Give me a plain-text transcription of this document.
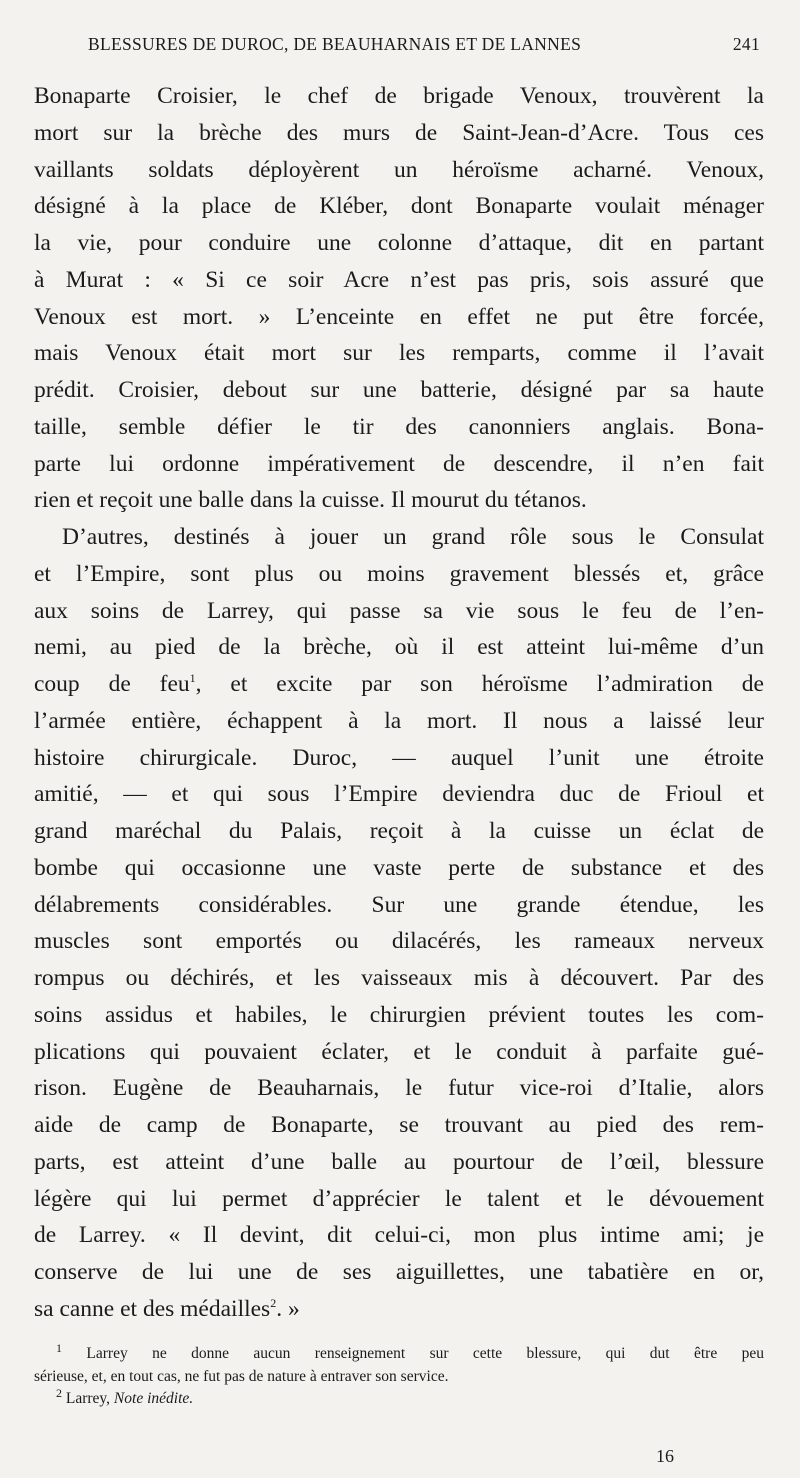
BLESSURES DE DUROC, DE BEAUHARNAIS ET DE LANNES	241
Bonaparte Croisier, le chef de brigade Venoux, trouvèrent la
mort sur la brèche des murs de Saint-Jean-d’Acre. Tous ces
vaillants soldats déployèrent un héroïsme acharné. Venoux,
désigné à la place de Kléber, dont Bonaparte voulait ménager
la vie, pour conduire une colonne d’attaque, dit en partant
à Murat : « Si ce soir Acre n’est pas pris, sois assuré que
Venoux est mort. » L’enceinte en effet ne put être forcée,
mais Venoux était mort sur les remparts, comme il l’avait
prédit. Croisier, debout sur une batterie, désigné par sa haute
taille, semble défier le tir des canonniers anglais. Bona-
parte lui ordonne impérativement de descendre, il n’en fait
rien et reçoit une balle dans la cuisse. Il mourut du tétanos.
D’autres, destinés à jouer un grand rôle sous le Consulat
et l’Empire, sont plus ou moins gravement blessés et, grâce
aux soins de Larrey, qui passe sa vie sous le feu de l’en-
nemi, au pied de la brèche, où il est atteint lui-même d’un
coup de feu$^1$, et excite par son héroïsme l’admiration de
l’armée entière, échappent à la mort. Il nous a laissé leur
histoire chirurgicale. Duroc, — auquel l’unit une étroite
amitié, — et qui sous l’Empire deviendra duc de Frioul et
grand maréchal du Palais, reçoit à la cuisse un éclat de
bombe qui occasionne une vaste perte de substance et des
délabrements considérables. Sur une grande étendue, les
muscles sont emportés ou dilacérés, les rameaux nerveux
rompus ou déchirés, et les vaisseaux mis à découvert. Par des
soins assidus et habiles, le chirurgien prévient toutes les com-
plications qui pouvaient éclater, et le conduit à parfaite gué-
rison. Eugène de Beauharnais, le futur vice-roi d’Italie, alors
aide de camp de Bonaparte, se trouvant au pied des rem-
parts, est atteint d’une balle au pourtour de l’œil, blessure
légère qui lui permet d’apprécier le talent et le dévouement
de Larrey. « Il devint, dit celui-ci, mon plus intime ami; je
conserve de lui une de ses aiguillettes, une tabatière en or,
sa canne et des médailles$^2$. »
$^1$ Larrey ne donne aucun renseignement sur cette blessure, qui dut être peu
sérieuse, et, en tout cas, ne fut pas de nature à entraver son service.
$^2$ Larrey, Note inédite.
16
